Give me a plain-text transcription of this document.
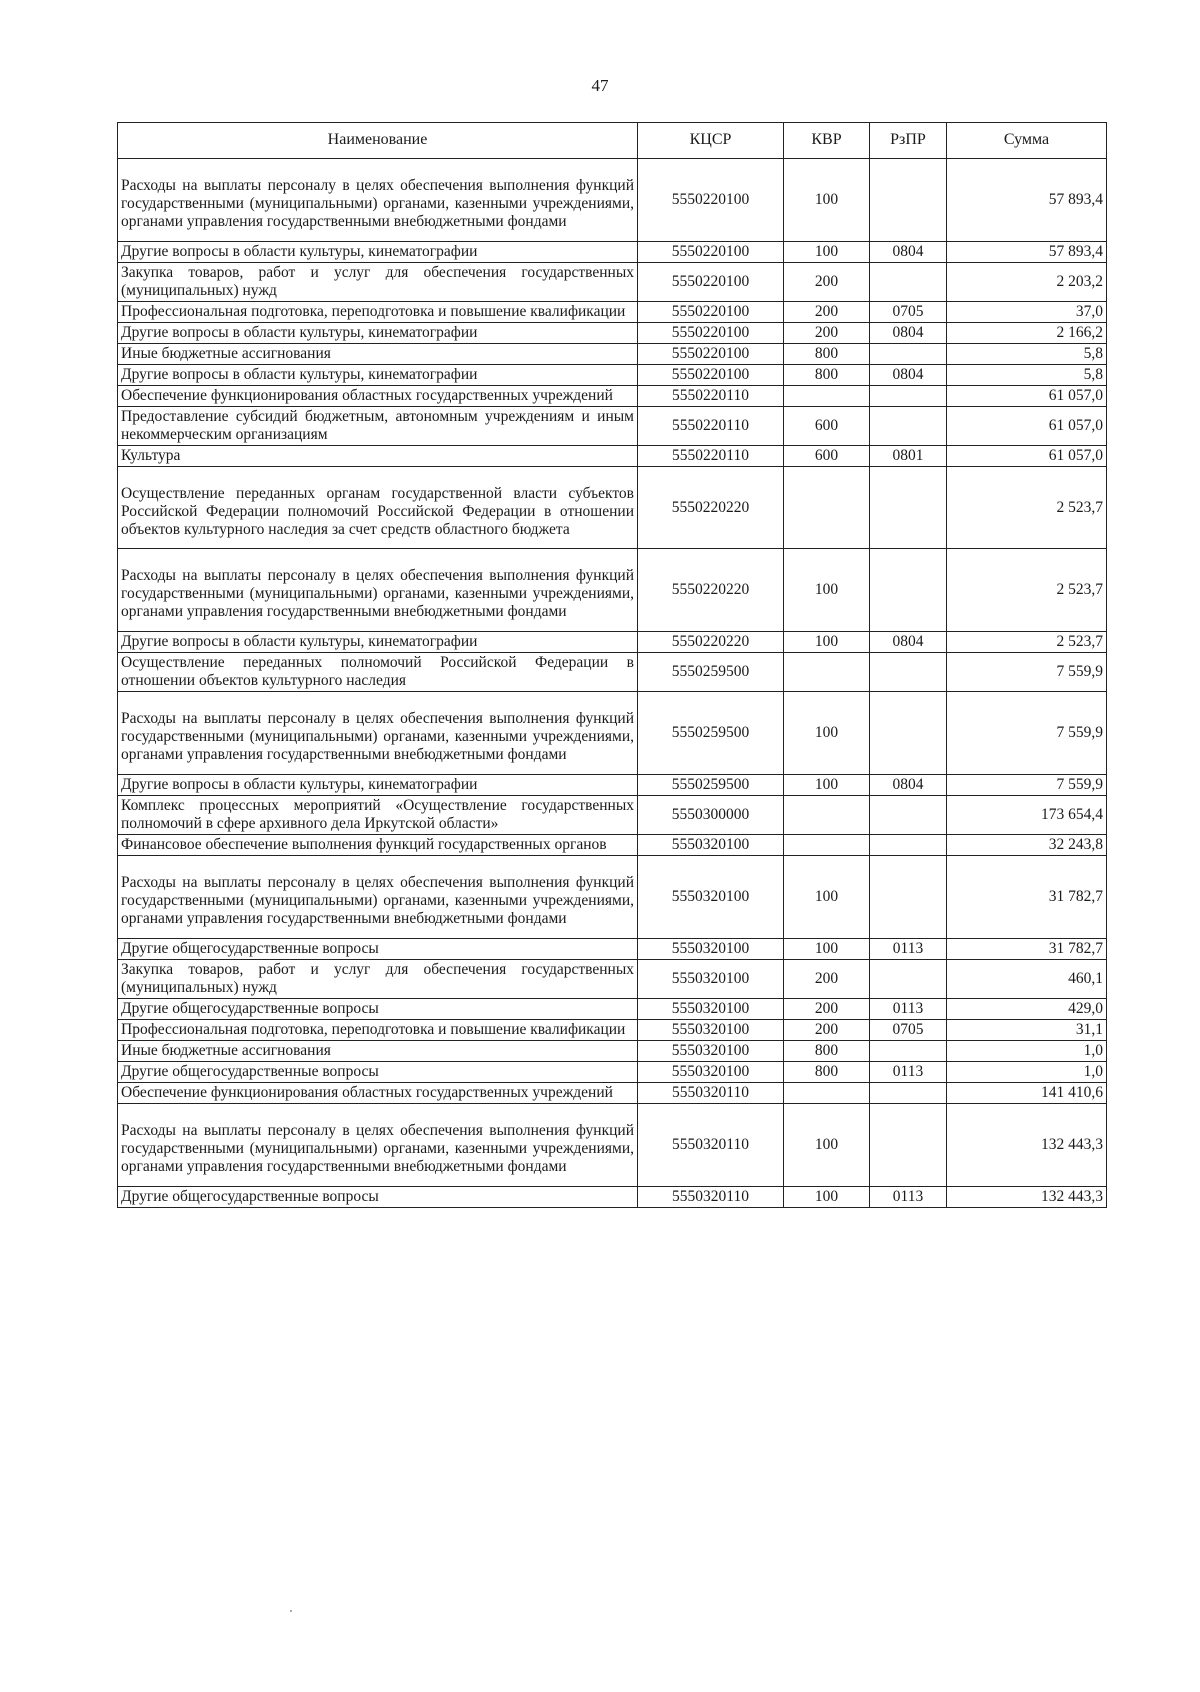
47
Наименование	КЦСР	КВР	РзПР	Сумма
Расходы на выплаты персоналу в целях обеспечения выполнения функций государственными (муниципальными) органами, казенными учреждениями, органами управления государственными внебюджетными фондами	5550220100	100		57 893,4
Другие вопросы в области культуры, кинематографии	5550220100	100	0804	57 893,4
Закупка товаров, работ и услуг для обеспечения государственных (муниципальных) нужд	5550220100	200		2 203,2
Профессиональная подготовка, переподготовка и повышение квалификации	5550220100	200	0705	37,0
Другие вопросы в области культуры, кинематографии	5550220100	200	0804	2 166,2
Иные бюджетные ассигнования	5550220100	800		5,8
Другие вопросы в области культуры, кинематографии	5550220100	800	0804	5,8
Обеспечение функционирования областных государственных учреждений	5550220110			61 057,0
Предоставление субсидий бюджетным, автономным учреждениям и иным некоммерческим организациям	5550220110	600		61 057,0
Культура	5550220110	600	0801	61 057,0
Осуществление переданных органам государственной власти субъектов Российской Федерации полномочий Российской Федерации в отношении объектов культурного наследия за счет средств областного бюджета	5550220220			2 523,7
Расходы на выплаты персоналу в целях обеспечения выполнения функций государственными (муниципальными) органами, казенными учреждениями, органами управления государственными внебюджетными фондами	5550220220	100		2 523,7
Другие вопросы в области культуры, кинематографии	5550220220	100	0804	2 523,7
Осуществление переданных полномочий Российской Федерации в отношении объектов культурного наследия	5550259500			7 559,9
Расходы на выплаты персоналу в целях обеспечения выполнения функций государственными (муниципальными) органами, казенными учреждениями, органами управления государственными внебюджетными фондами	5550259500	100		7 559,9
Другие вопросы в области культуры, кинематографии	5550259500	100	0804	7 559,9
Комплекс процессных мероприятий «Осуществление государственных полномочий в сфере архивного дела Иркутской области»	5550300000			173 654,4
Финансовое обеспечение выполнения функций государственных органов	5550320100			32 243,8
Расходы на выплаты персоналу в целях обеспечения выполнения функций государственными (муниципальными) органами, казенными учреждениями, органами управления государственными внебюджетными фондами	5550320100	100		31 782,7
Другие общегосударственные вопросы	5550320100	100	0113	31 782,7
Закупка товаров, работ и услуг для обеспечения государственных (муниципальных) нужд	5550320100	200		460,1
Другие общегосударственные вопросы	5550320100	200	0113	429,0
Профессиональная подготовка, переподготовка и повышение квалификации	5550320100	200	0705	31,1
Иные бюджетные ассигнования	5550320100	800		1,0
Другие общегосударственные вопросы	5550320100	800	0113	1,0
Обеспечение функционирования областных государственных учреждений	5550320110			141 410,6
Расходы на выплаты персоналу в целях обеспечения выполнения функций государственными (муниципальными) органами, казенными учреждениями, органами управления государственными внебюджетными фондами	5550320110	100		132 443,3
Другие общегосударственные вопросы	5550320110	100	0113	132 443,3
